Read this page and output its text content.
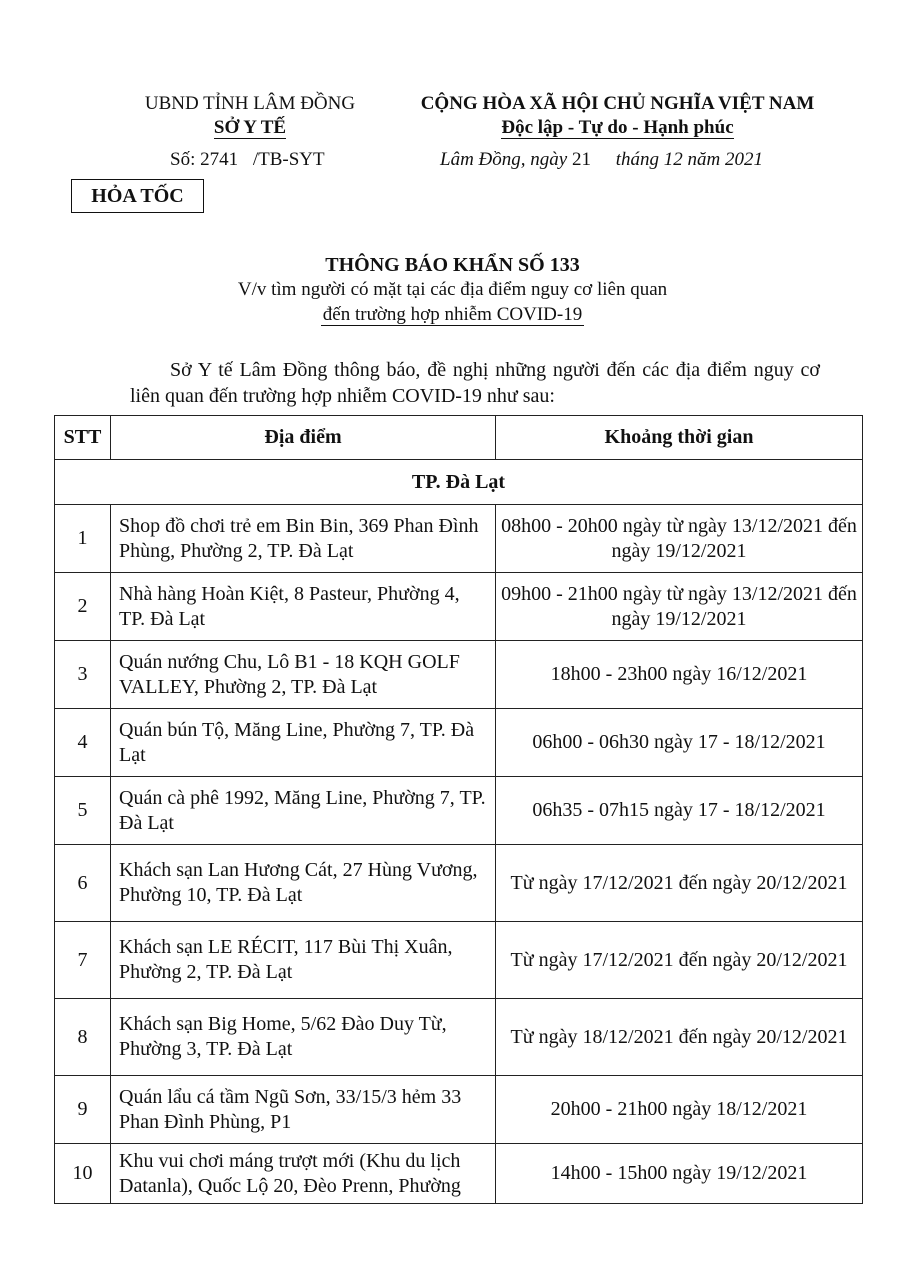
UBND TỈNH LÂM ĐỒNG
SỞ Y TẾ
Số: 2741 /TB-SYT
CỘNG HÒA XÃ HỘI CHỦ NGHĨA VIỆT NAM
Độc lập - Tự do - Hạnh phúc
Lâm Đồng, ngày 21 tháng 12 năm 2021
HỎA TỐC
THÔNG BÁO KHẨN SỐ 133
V/v tìm người có mặt tại các địa điểm nguy cơ liên quan
đến trường hợp nhiễm COVID-19
Sở Y tế Lâm Đồng thông báo, đề nghị những người đến các địa điểm nguy cơ liên quan đến trường hợp nhiễm COVID-19 như sau:
STT	Địa điểm	Khoảng thời gian
TP. Đà Lạt		
1	Shop đồ chơi trẻ em Bin Bin, 369 Phan Đình Phùng, Phường 2, TP. Đà Lạt	08h00 - 20h00 ngày từ ngày 13/12/2021 đến ngày 19/12/2021
2	Nhà hàng Hoàn Kiệt, 8 Pasteur, Phường 4, TP. Đà Lạt	09h00 - 21h00 ngày từ ngày 13/12/2021 đến ngày 19/12/2021
3	Quán nướng Chu, Lô B1 - 18 KQH GOLF VALLEY, Phường 2, TP. Đà Lạt	18h00 - 23h00 ngày 16/12/2021
4	Quán bún Tộ, Măng Line, Phường 7, TP. Đà Lạt	06h00 - 06h30 ngày 17 - 18/12/2021
5	Quán cà phê 1992, Măng Line, Phường 7, TP. Đà Lạt	06h35 - 07h15 ngày 17 - 18/12/2021
6	Khách sạn Lan Hương Cát, 27 Hùng Vương, Phường 10, TP. Đà Lạt	Từ ngày 17/12/2021 đến ngày 20/12/2021
7	Khách sạn LE RÉCIT, 117 Bùi Thị Xuân, Phường 2, TP. Đà Lạt	Từ ngày 17/12/2021 đến ngày 20/12/2021
8	Khách sạn Big Home, 5/62 Đào Duy Từ, Phường 3, TP. Đà Lạt	Từ ngày 18/12/2021 đến ngày 20/12/2021
9	Quán lẩu cá tầm Ngũ Sơn, 33/15/3 hẻm 33 Phan Đình Phùng, P1	20h00 - 21h00 ngày 18/12/2021
10	Khu vui chơi máng trượt mới (Khu du lịch Datanla), Quốc Lộ 20, Đèo Prenn, Phường	14h00 - 15h00 ngày 19/12/2021
